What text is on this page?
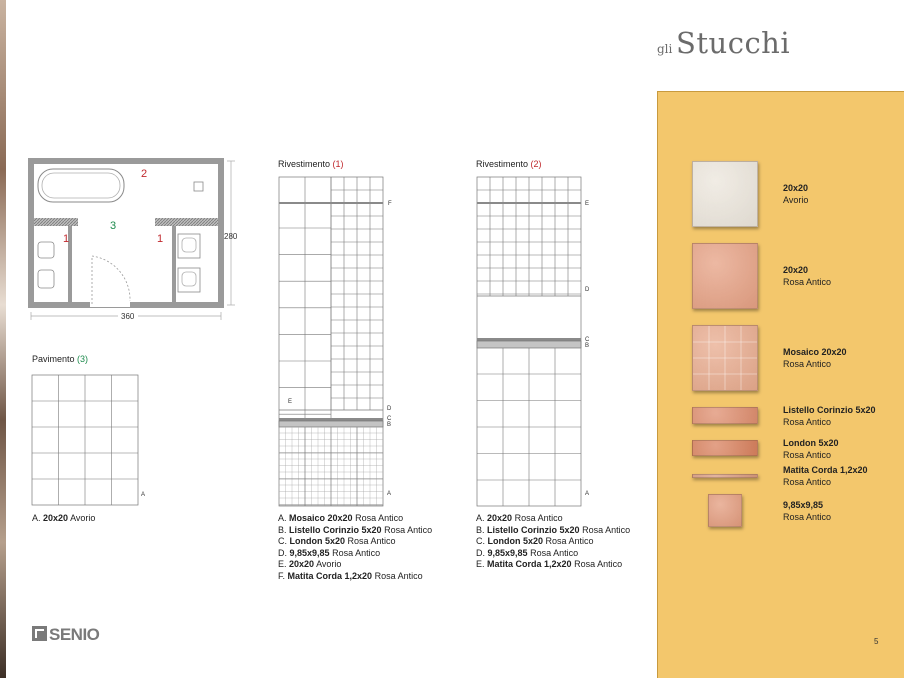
gli Stucchi
2
3
1	1	280
360
Pavimento (3)
A
A. 20x20 Avorio
Rivestimento (1)
F
E
D
C
B
A
A. Mosaico 20x20 Rosa Antico
B. Listello Corinzio 5x20 Rosa Antico
C. London 5x20 Rosa Antico
D. 9,85x9,85 Rosa Antico
E. 20x20 Avorio
F. Matita Corda 1,2x20 Rosa Antico
Rivestimento (2)
E
D
C
B
A
A. 20x20 Rosa Antico
B. Listello Corinzio 5x20 Rosa Antico
C. London 5x20 Rosa Antico
D. 9,85x9,85 Rosa Antico
E. Matita Corda 1,2x20 Rosa Antico
20x20
Avorio
20x20
Rosa Antico
Mosaico 20x20
Rosa Antico
Listello Corinzio 5x20
Rosa Antico
London 5x20
Rosa Antico
Matita Corda 1,2x20
Rosa Antico
9,85x9,85
Rosa Antico
5
SENIO
